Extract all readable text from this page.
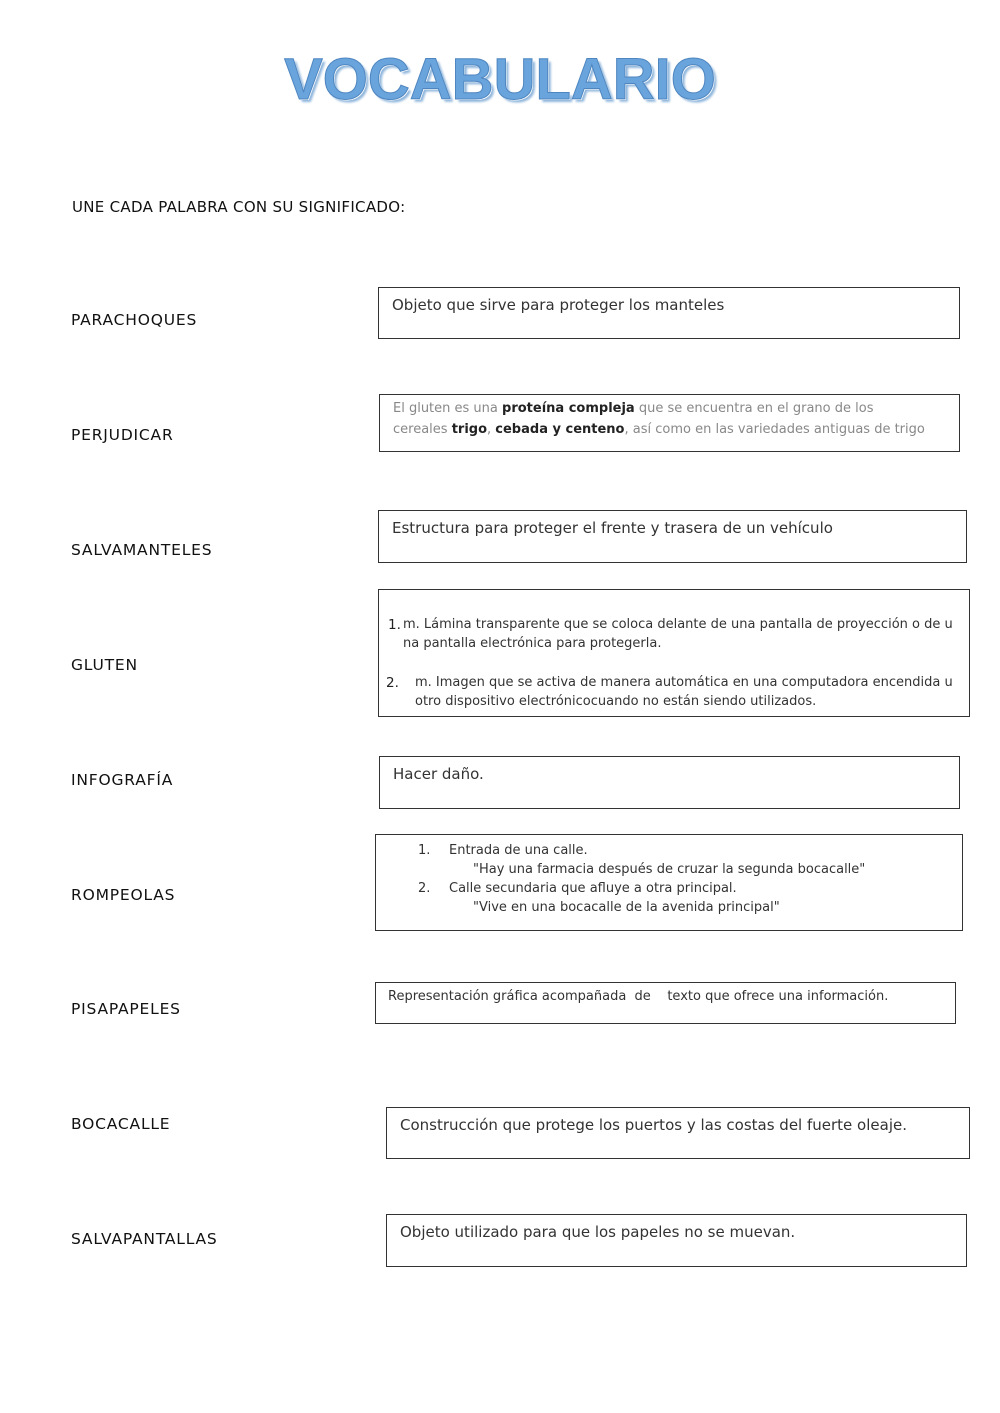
VOCABULARIO
UNE CADA PALABRA CON SU SIGNIFICADO:
PARACHOQUES
PERJUDICAR
SALVAMANTELES
GLUTEN
INFOGRAFÍA
ROMPEOLAS
PISAPAPELES
BOCACALLE
SALVAPANTALLAS
Objeto que sirve para proteger los manteles
El gluten es una proteína compleja que se encuentra en el grano de los
cereales trigo, cebada y centeno, así como en las variedades antiguas de trigo
Estructura para proteger el frente y trasera de un vehículo
1. m. Lámina transparente que se coloca delante de una pantalla de proyección o de u
na pantalla electrónica para protegerla.
2. m. Imagen que se activa de manera automática en una computadora encendida u
otro dispositivo electrónicocuando no están siendo utilizados.
Hacer daño.
1. Entrada de una calle.
"Hay una farmacia después de cruzar la segunda bocacalle"
2. Calle secundaria que afluye a otra principal.
"Vive en una bocacalle de la avenida principal"
Representación gráfica acompañada  de    texto que ofrece una información.
Construcción que protege los puertos y las costas del fuerte oleaje.
Objeto utilizado para que los papeles no se muevan.
